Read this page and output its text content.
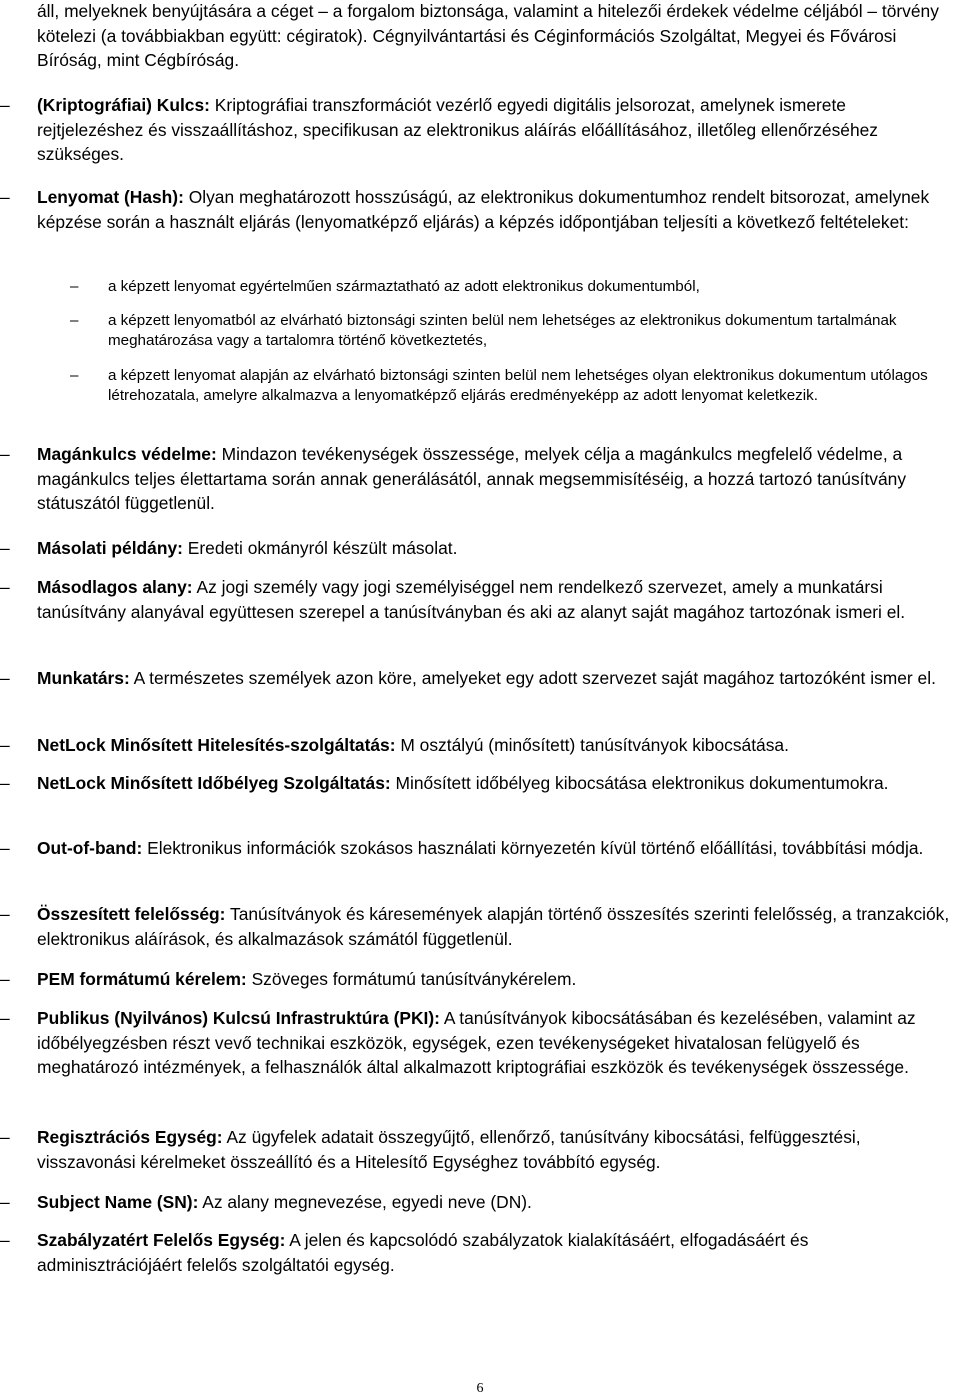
áll, melyeknek benyújtására a céget – a forgalom biztonsága, valamint a hitelezői érdekek védelme céljából – törvény kötelezi (a továbbiakban együtt: cégiratok). Cégnyilvántartási és Céginformációs Szolgáltat, Megyei és Fővárosi Bíróság, mint Cégbíróság.
–	(Kriptográfiai) Kulcs: Kriptográfiai transzformációt vezérlő egyedi digitális jelsorozat, amelynek ismerete rejtjelezéshez és visszaállításhoz, specifikusan az elektronikus aláírás előállításához, illetőleg ellenőrzéséhez szükséges.
–	Lenyomat (Hash): Olyan meghatározott hosszúságú, az elektronikus dokumentumhoz rendelt bitsorozat, amelynek képzése során a használt eljárás (lenyomatképző eljárás) a képzés időpontjában teljesíti a következő feltételeket:
–	a képzett lenyomat egyértelműen származtatható az adott elektronikus dokumentumból,
–	a képzett lenyomatból az elvárható biztonsági szinten belül nem lehetséges az elektronikus dokumentum tartalmának meghatározása vagy a tartalomra történő következtetés,
–	a képzett lenyomat alapján az elvárható biztonsági szinten belül nem lehetséges olyan elektronikus dokumentum utólagos létrehozatala, amelyre alkalmazva a lenyomatképző eljárás eredményeképp az adott lenyomat keletkezik.
–	Magánkulcs védelme: Mindazon tevékenységek összessége, melyek célja a magánkulcs megfelelő védelme, a magánkulcs teljes élettartama során annak generálásától, annak megsemmisítéséig, a hozzá tartozó tanúsítvány státuszától függetlenül.
–	Másolati példány: Eredeti okmányról készült másolat.
–	Másodlagos alany: Az jogi személy vagy jogi személyiséggel nem rendelkező szervezet, amely a munkatársi tanúsítvány alanyával együttesen szerepel a tanúsítványban és aki az alanyt saját magához tartozónak ismeri el.
–	Munkatárs: A természetes személyek azon köre, amelyeket egy adott szervezet saját magához tartozóként ismer el.
–	NetLock Minősített Hitelesítés-szolgáltatás: M osztályú (minősített) tanúsítványok kibocsátása.
–	NetLock Minősített Időbélyeg Szolgáltatás: Minősített időbélyeg kibocsátása elektronikus dokumentumokra.
–	Out-of-band: Elektronikus információk szokásos használati környezetén kívül történő előállítási, továbbítási módja.
–	Összesített felelősség: Tanúsítványok és káresemények alapján történő összesítés szerinti felelősség, a tranzakciók, elektronikus aláírások, és alkalmazások számától függetlenül.
–	PEM formátumú kérelem: Szöveges formátumú tanúsítványkérelem.
–	Publikus (Nyilvános) Kulcsú Infrastruktúra (PKI): A tanúsítványok kibocsátásában és kezelésében, valamint az időbélyegzésben részt vevő technikai eszközök, egységek, ezen tevékenységeket hivatalosan felügyelő és meghatározó intézmények, a felhasználók által alkalmazott kriptográfiai eszközök és tevékenységek összessége.
–	Regisztrációs Egység: Az ügyfelek adatait összegyűjtő, ellenőrző, tanúsítvány kibocsátási, felfüggesztési, visszavonási kérelmeket összeállító és a Hitelesítő Egységhez továbbító egység.
–	Subject Name (SN): Az alany megnevezése, egyedi neve (DN).
–	Szabályzatért Felelős Egység: A jelen és kapcsolódó szabályzatok kialakításáért, elfogadásáért és adminisztrációjáért felelős szolgáltatói egység.
6
